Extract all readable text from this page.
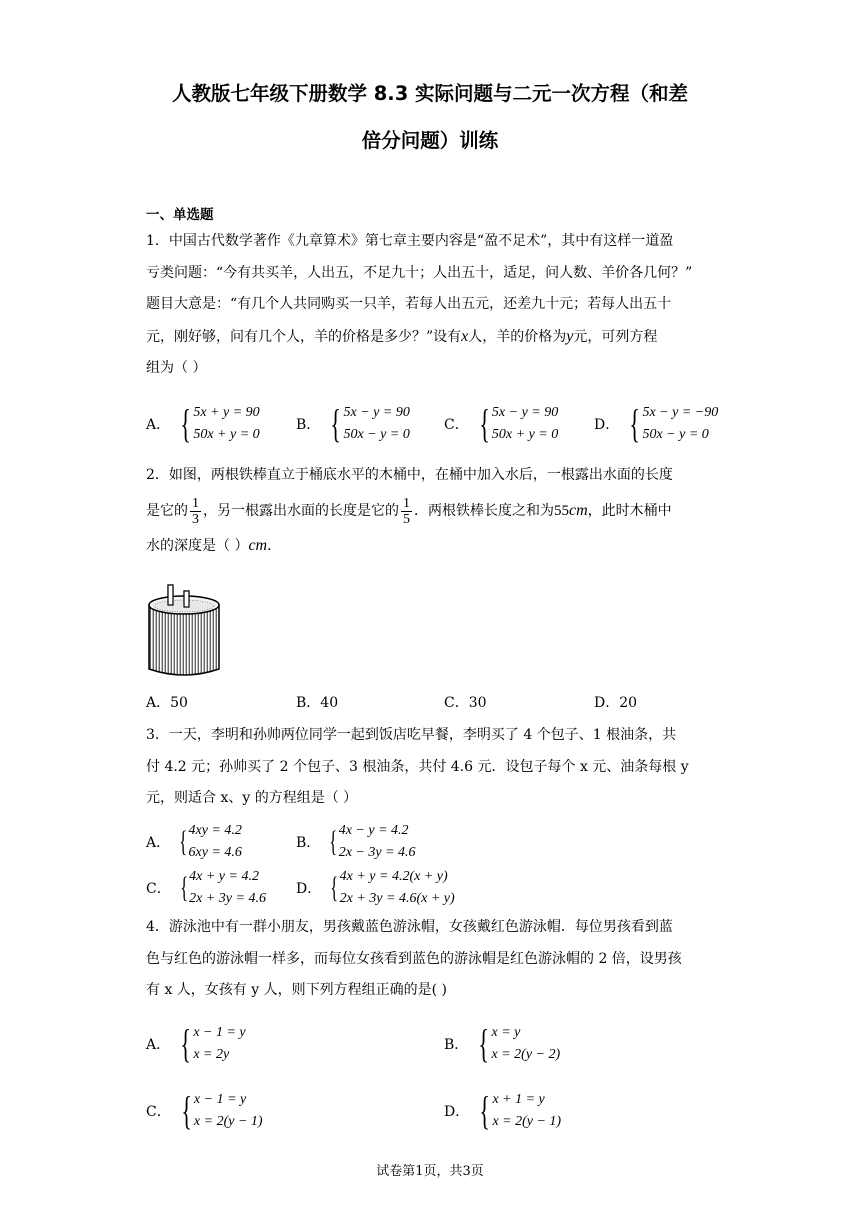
人教版七年级下册数学 8.3 实际问题与二元一次方程（和差
倍分问题）训练
一、单选题
1．中国古代数学著作《九章算术》第七章主要内容是“盈不足术”，其中有这样一道盈
亏类问题：“今有共买羊，人出五，不足九十；人出五十，适足，问人数、羊价各几何？”
题目大意是：“有几个人共同购买一只羊，若每人出五元，还差九十元；若每人出五十
元，刚好够，问有几个人，羊的价格是多少？”设有x人，羊的价格为y元，可列方程
组为（ ）
A． { 5x + y = 90
50x + y = 0
B． { 5x − y = 90
50x − y = 0
C． { 5x − y = 90
50x + y = 0
D． { 5x − y = −90
50x − y = 0
2．如图，两根铁棒直立于桶底水平的木桶中，在桶中加入水后，一根露出水面的长度
是它的 $\frac{1}{3}$ ，另一根露出水面的长度是它的 $\frac{1}{5}$ ．两根铁棒长度之和为55cm，此时木桶中
水的深度是（ ）cm．
A．50	B．40	C．30	D．20
3．一天，李明和孙帅两位同学一起到饭店吃早餐，李明买了 4 个包子、1 根油条，共
付 4.2 元；孙帅买了 2 个包子、3 根油条，共付 4.6 元．设包子每个 x 元、油条每根 y
元，则适合 x、y 的方程组是（ ）
A． { 4xy = 4.2
6xy = 4.6
B． { 4x − y = 4.2
2x − 3y = 4.6
C． { 4x + y = 4.2
2x + 3y = 4.6
D． { 4x + y = 4.2(x + y)
2x + 3y = 4.6(x + y)
4．游泳池中有一群小朋友，男孩戴蓝色游泳帽，女孩戴红色游泳帽．每位男孩看到蓝
色与红色的游泳帽一样多，而每位女孩看到蓝色的游泳帽是红色游泳帽的 2 倍，设男孩
有 x 人，女孩有 y 人，则下列方程组正确的是( )
A． { x − 1 = y
x = 2y
B． { x = y
x = 2(y − 2)
C． { x − 1 = y
x = 2(y − 1)
D． { x + 1 = y
x = 2(y − 1)
试卷第1页，共3页
